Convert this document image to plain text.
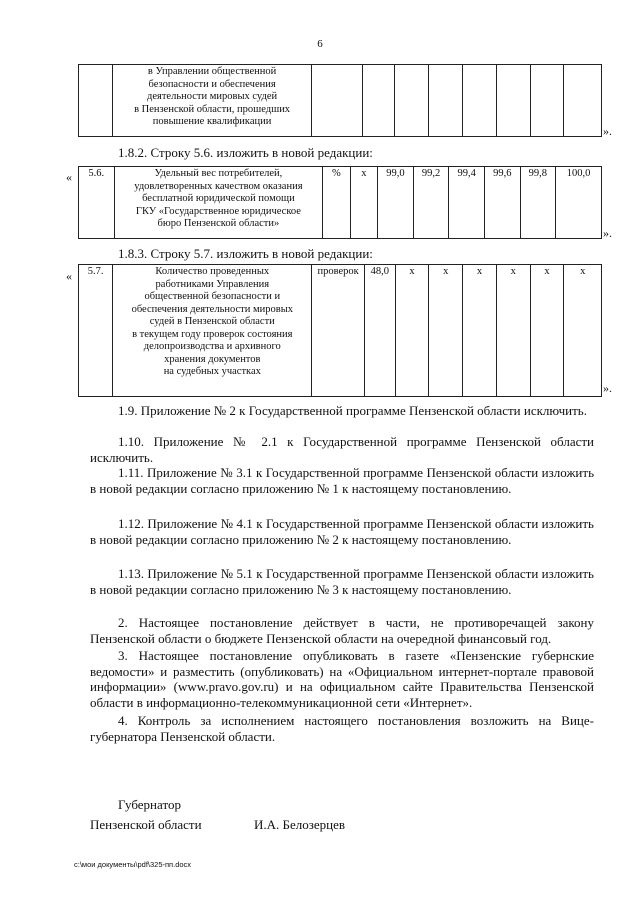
6

в Управлении общественной
безопасности и обеспечения
деятельности мировых судей
в Пензенской области, прошедших
повышение квалификации

».
1.8.2. Строку 5.6. изложить в новой редакции:
« 5.6.	Удельный вес потребителей,
удовлетворенных качеством оказания
бесплатной юридической помощи
ГКУ «Государственное юридическое
бюро Пензенской области»
	%	х	99,0	99,2	99,4	99,6	99,8	100,0
».
1.8.3. Строку 5.7. изложить в новой редакции:
« 5.7.	Количество проведенных
работниками Управления
общественной безопасности и
обеспечения деятельности мировых
судей в Пензенской области
в текущем году проверок состояния
делопроизводства и архивного
хранения документов
на судебных участках
	проверок	48,0	х	х	х	х	х	х
».
1.9. Приложение № 2 к Государственной программе Пензенской области исключить.
1.10. Приложение № 2.1 к Государственной программе Пензенской области исключить.
1.11. Приложение № 3.1 к Государственной программе Пензенской области изложить в новой редакции согласно приложению № 1 к настоящему постановлению.
1.12. Приложение № 4.1 к Государственной программе Пензенской области изложить в новой редакции согласно приложению № 2 к настоящему постановлению.
1.13. Приложение № 5.1 к Государственной программе Пензенской области изложить в новой редакции согласно приложению № 3 к настоящему постановлению.
2. Настоящее постановление действует в части, не противоречащей закону Пензенской области о бюджете Пензенской области на очередной финансовый год.
3. Настоящее постановление опубликовать в газете «Пензенские губернские ведомости» и разместить (опубликовать) на «Официальном интернет-портале правовой информации» (www.pravo.gov.ru) и на официальном сайте Правительства Пензенской области в информационно-телекоммуникационной сети «Интернет».
4. Контроль за исполнением настоящего постановления возложить на Вице-губернатора Пензенской области.
Губернатор
Пензенской области	И.А. Белозерцев
c:\мои документы\pdf\325-пп.docx
